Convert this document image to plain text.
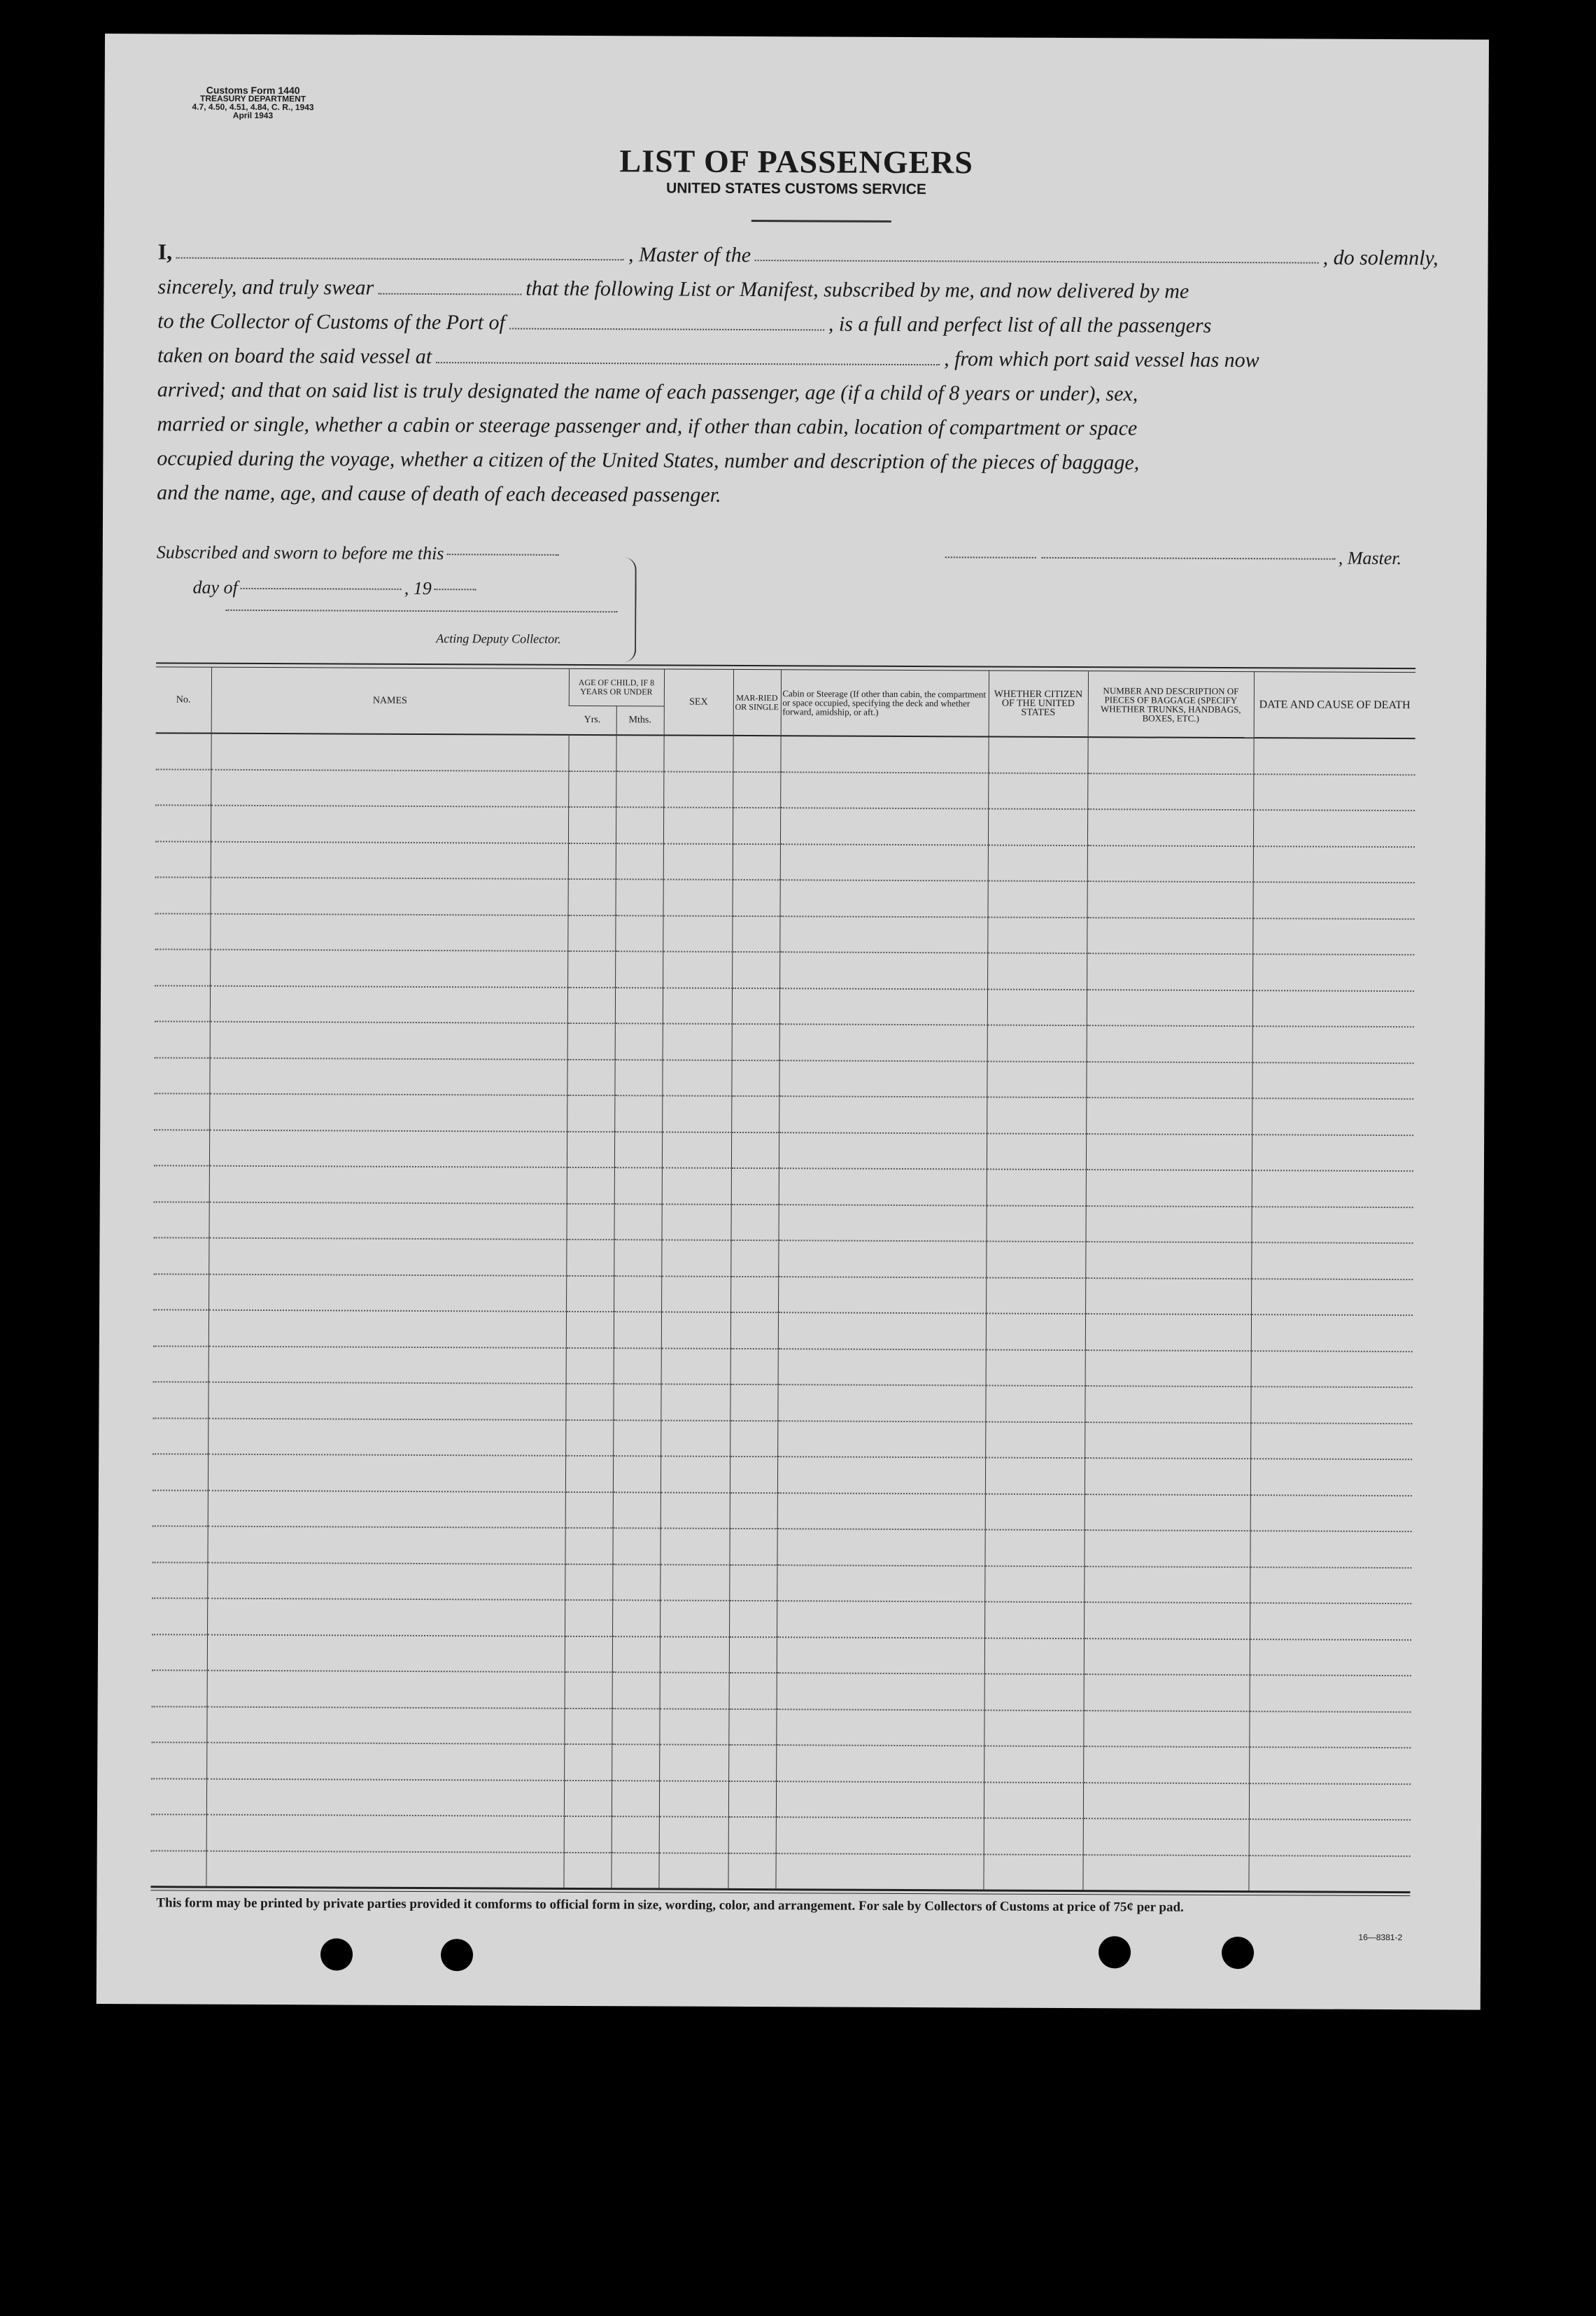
Customs Form 1440
TREASURY DEPARTMENT
4.7, 4.50, 4.51, 4.84, C. R., 1943
April 1943
LIST OF PASSENGERS
UNITED STATES CUSTOMS SERVICE
I,	, Master of the	, do solemnly,
sincerely, and truly swear	that the following List or Manifest, subscribed by me, and now delivered by me
to the Collector of Customs of the Port of	, is a full and perfect list of all the passengers
taken on board the said vessel at	, from which port said vessel has now
arrived; and that on said list is truly designated the name of each passenger, age (if a child of 8 years or under), sex,
married or single, whether a cabin or steerage passenger and, if other than cabin, location of compartment or space
occupied during the voyage, whether a citizen of the United States, number and description of the pieces of baggage,
and the name, age, and cause of death of each deceased passenger.
Subscribed and sworn to before me this
day of	, 19
Acting Deputy Collector.
, Master.
No.	NAMES	AGE OF CHILD, IF 8 YEARS OR UNDER		SEX	MAR-RIED OR SINGLE	Cabin or Steerage (If other than cabin, the compartment or space occupied, specifying the deck and whether forward, amidship, or aft.)	WHETHER CITIZEN OF THE UNITED STATES	NUMBER AND DESCRIPTION OF PIECES OF BAGGAGE (SPECIFY WHETHER TRUNKS, HANDBAGS, BOXES, ETC.)	DATE AND CAUSE OF DEATH
		Yrs.	Mths.						

This form may be printed by private parties provided it comforms to official form in size, wording, color, and arrangement. For sale by Collectors of Customs at price of 75¢ per pad.
16—8381-2
